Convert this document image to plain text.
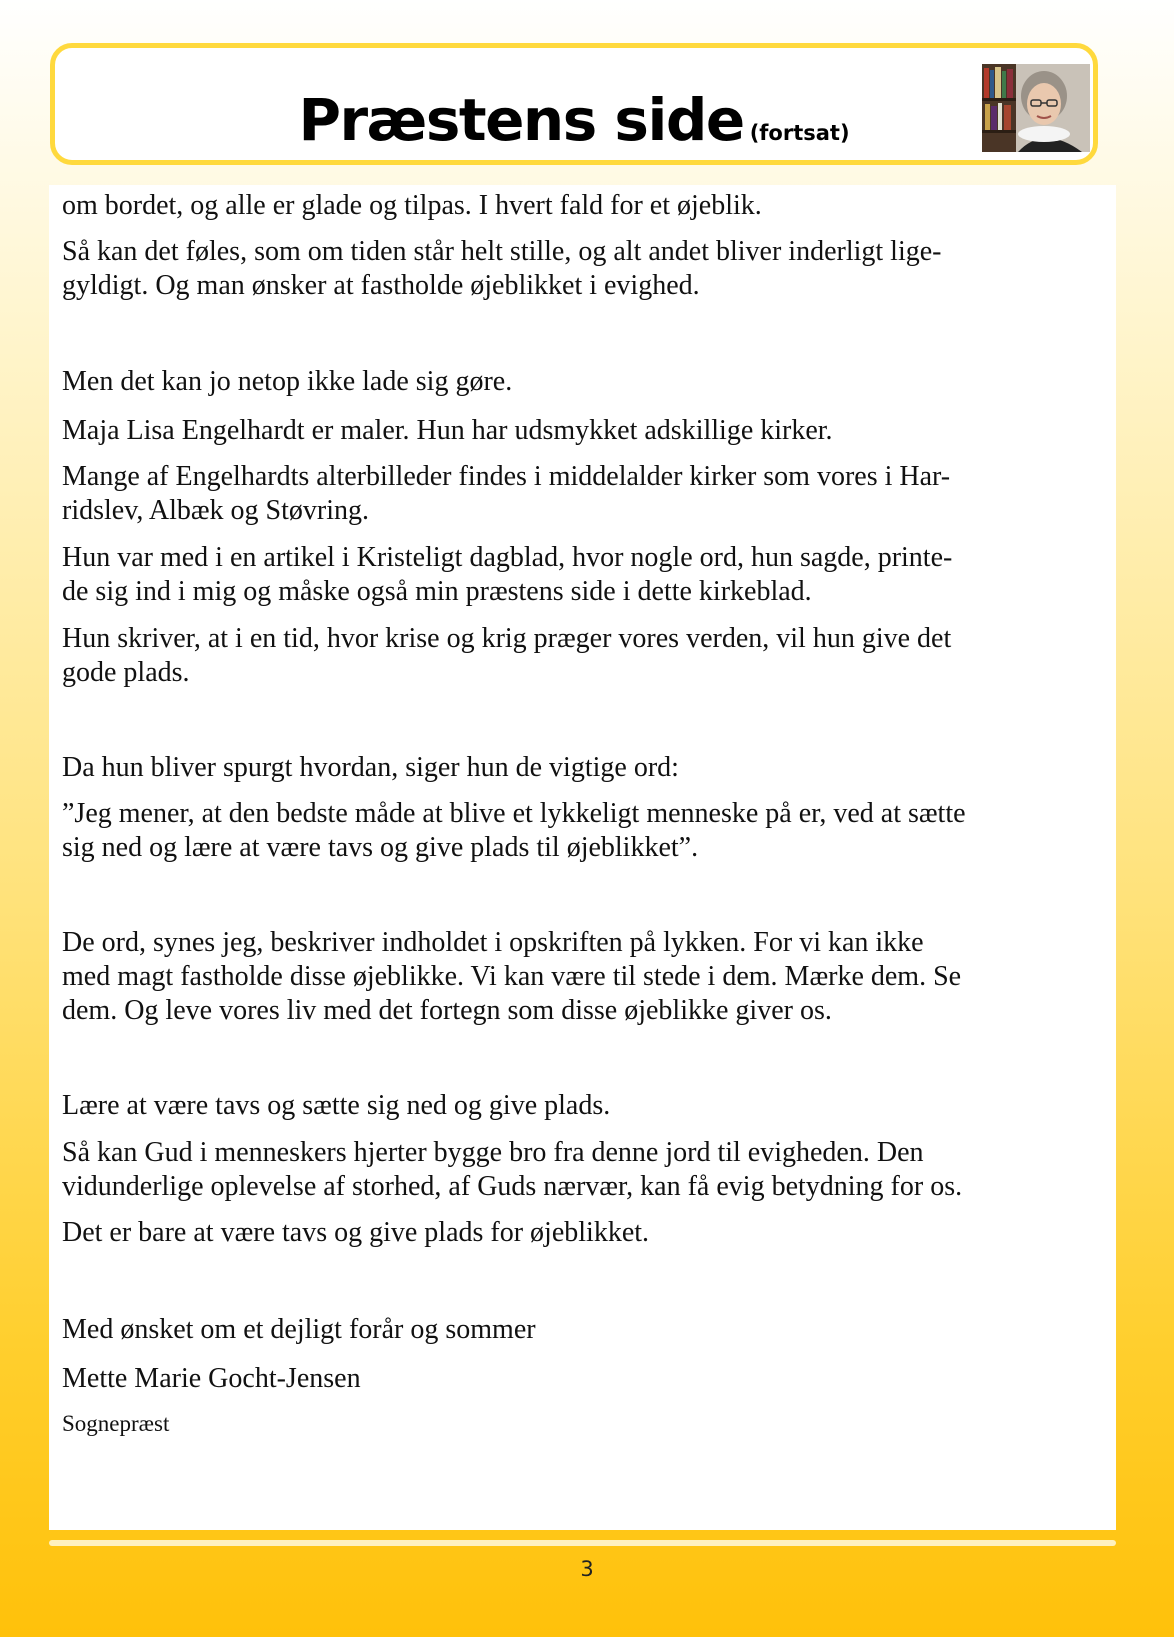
Præstens side (fortsat)

om bordet, og alle er glade og tilpas. I hvert fald for et øjeblik.

Så kan det føles, som om tiden står helt stille, og alt andet bliver inderligt lige-
gyldigt. Og man ønsker at fastholde øjeblikket i evighed.

Men det kan jo netop ikke lade sig gøre.

Maja Lisa Engelhardt er maler. Hun har udsmykket adskillige kirker.

Mange af Engelhardts alterbilleder findes i middelalder kirker som vores i Har-
ridslev, Albæk og Støvring.

Hun var med i en artikel i Kristeligt dagblad, hvor nogle ord, hun sagde, printe-
de sig ind i mig og måske også min præstens side i dette kirkeblad.

Hun skriver, at i en tid, hvor krise og krig præger vores verden, vil hun give det
gode plads.

Da hun bliver spurgt hvordan, siger hun de vigtige ord:

”Jeg mener, at den bedste måde at blive et lykkeligt menneske på er, ved at sætte
sig ned og lære at være tavs og give plads til øjeblikket”.

De ord, synes jeg, beskriver indholdet i opskriften på lykken. For vi kan ikke
med magt fastholde disse øjeblikke. Vi kan være til stede i dem. Mærke dem. Se
dem. Og leve vores liv med det fortegn som disse øjeblikke giver os.

Lære at være tavs og sætte sig ned og give plads.

Så kan Gud i menneskers hjerter bygge bro fra denne jord til evigheden. Den
vidunderlige oplevelse af storhed, af Guds nærvær, kan få evig betydning for os.

Det er bare at være tavs og give plads for øjeblikket.

Med ønsket om et dejligt forår og sommer

Mette Marie Gocht-Jensen

Sognepræst

3
